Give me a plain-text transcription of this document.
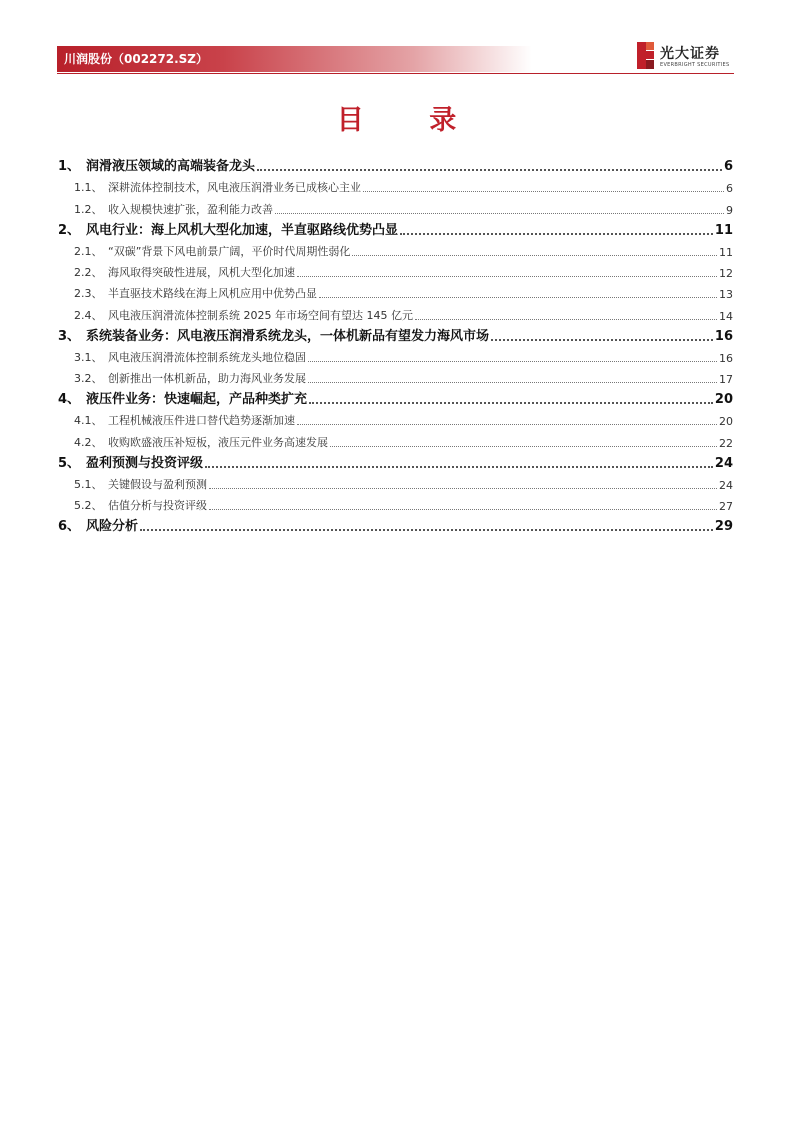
川润股份（002272.SZ）	光大证券
EVERBRIGHT SECURITIES
目 录
1、 润滑液压领域的高端装备龙头	6
1.1、 深耕流体控制技术，风电液压润滑业务已成核心主业	6
1.2、 收入规模快速扩张，盈利能力改善	9
2、 风电行业：海上风机大型化加速，半直驱路线优势凸显	11
2.1、 “双碳”背景下风电前景广阔，平价时代周期性弱化	11
2.2、 海风取得突破性进展，风机大型化加速	12
2.3、 半直驱技术路线在海上风机应用中优势凸显	13
2.4、 风电液压润滑流体控制系统 2025 年市场空间有望达 145 亿元	14
3、 系统装备业务：风电液压润滑系统龙头，一体机新品有望发力海风市场	16
3.1、 风电液压润滑流体控制系统龙头地位稳固	16
3.2、 创新推出一体机新品，助力海风业务发展	17
4、 液压件业务：快速崛起，产品种类扩充	20
4.1、 工程机械液压件进口替代趋势逐渐加速	20
4.2、 收购欧盛液压补短板，液压元件业务高速发展	22
5、 盈利预测与投资评级	24
5.1、 关键假设与盈利预测	24
5.2、 估值分析与投资评级	27
6、 风险分析	29
